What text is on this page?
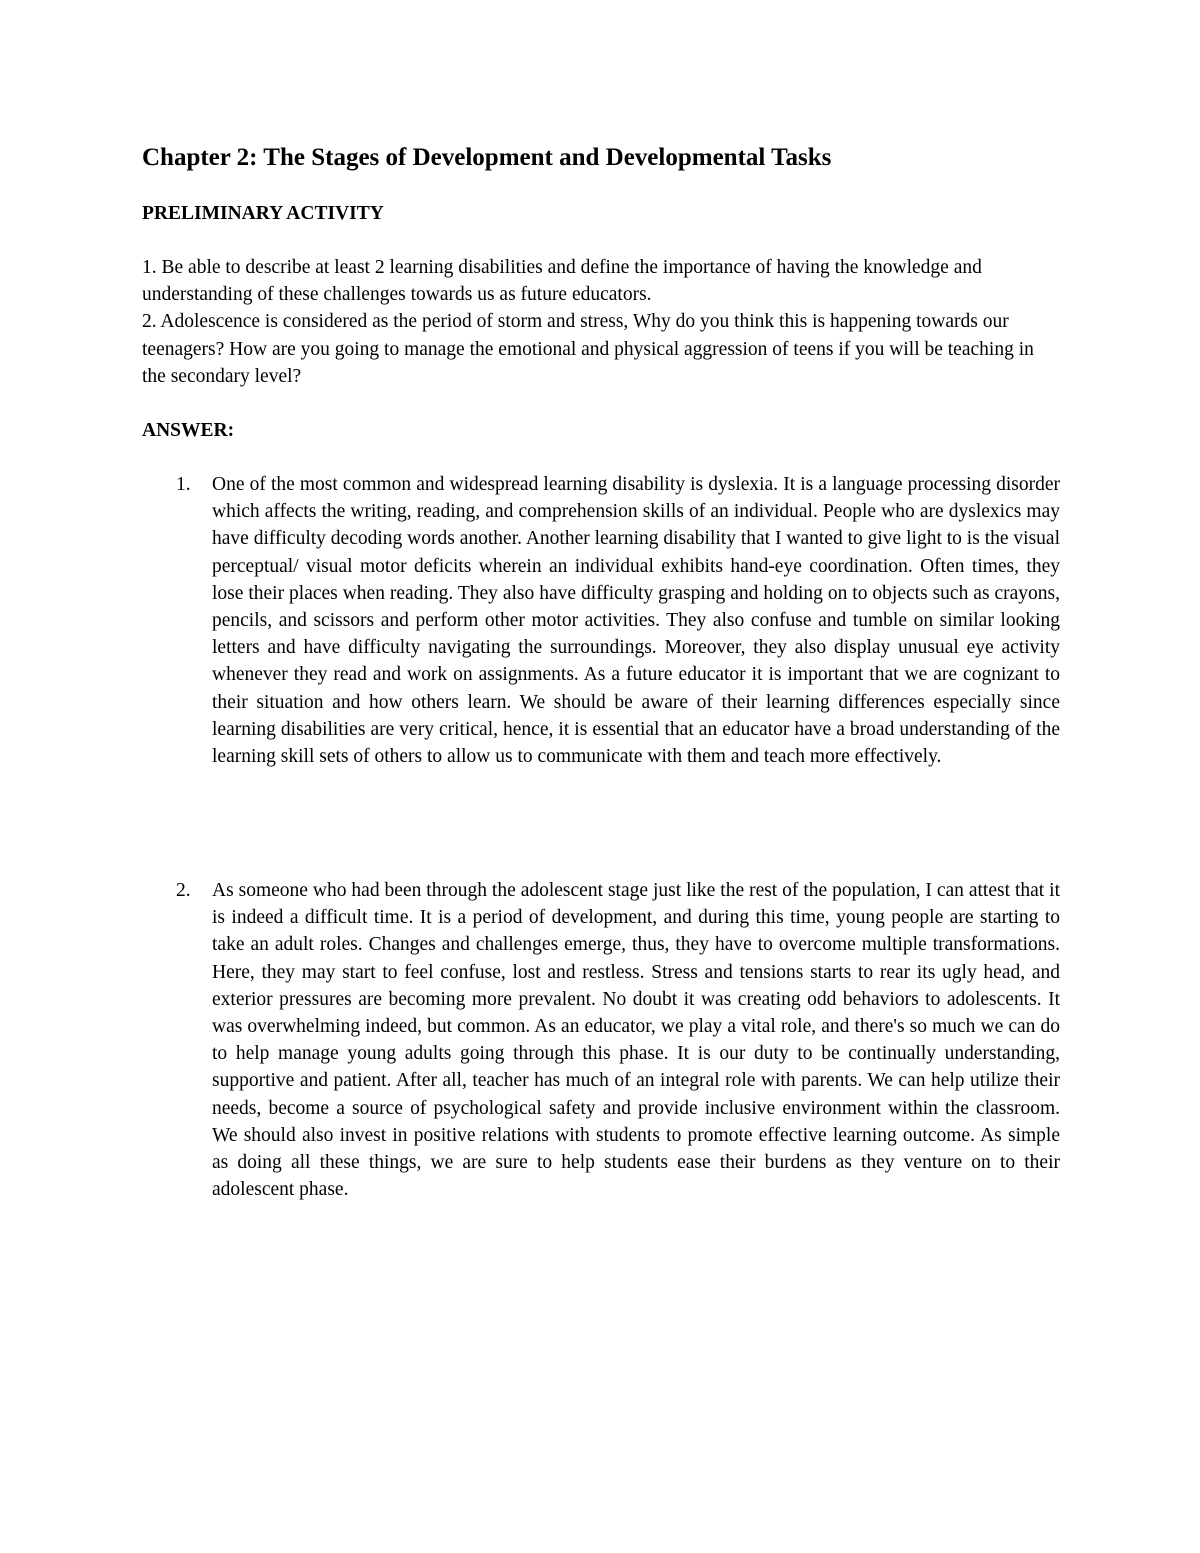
Chapter 2: The Stages of Development and Developmental Tasks
PRELIMINARY ACTIVITY
1. Be able to describe at least 2 learning disabilities and define the importance of having the knowledge and understanding of these challenges towards us as future educators.
2. Adolescence is considered as the period of storm and stress, Why do you think this is happening towards our teenagers? How are you going to manage the emotional and physical aggression of teens if you will be teaching in the secondary level?
ANSWER:
1. One of the most common and widespread learning disability is dyslexia. It is a language processing disorder which affects the writing, reading, and comprehension skills of an individual. People who are dyslexics may have difficulty decoding words another. Another learning disability that I wanted to give light to is the visual perceptual/ visual motor deficits wherein an individual exhibits hand-eye coordination. Often times, they lose their places when reading. They also have difficulty grasping and holding on to objects such as crayons, pencils, and scissors and perform other motor activities. They also confuse and tumble on similar looking letters and have difficulty navigating the surroundings. Moreover, they also display unusual eye activity whenever they read and work on assignments. As a future educator it is important that we are cognizant to their situation and how others learn. We should be aware of their learning differences especially since learning disabilities are very critical, hence, it is essential that an educator have a broad understanding of the learning skill sets of others to allow us to communicate with them and teach more effectively.
2. As someone who had been through the adolescent stage just like the rest of the population, I can attest that it is indeed a difficult time. It is a period of development, and during this time, young people are starting to take an adult roles. Changes and challenges emerge, thus, they have to overcome multiple transformations. Here, they may start to feel confuse, lost and restless. Stress and tensions starts to rear its ugly head, and exterior pressures are becoming more prevalent. No doubt it was creating odd behaviors to adolescents. It was overwhelming indeed, but common. As an educator, we play a vital role, and there's so much we can do to help manage young adults going through this phase. It is our duty to be continually understanding, supportive and patient. After all, teacher has much of an integral role with parents. We can help utilize their needs, become a source of psychological safety and provide inclusive environment within the classroom. We should also invest in positive relations with students to promote effective learning outcome. As simple as doing all these things, we are sure to help students ease their burdens as they venture on to their adolescent phase.
